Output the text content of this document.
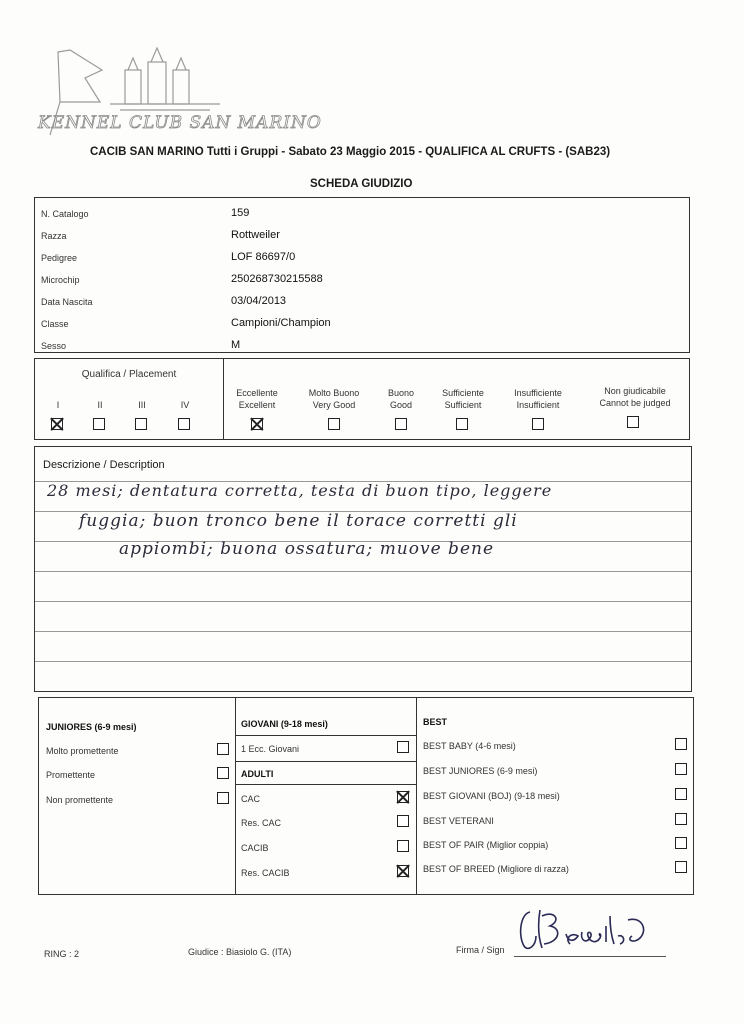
KENNEL CLUB SAN MARINO
CACIB SAN MARINO Tutti i Gruppi - Sabato 23 Maggio 2015 - QUALIFICA AL CRUFTS - (SAB23)
SCHEDA GIUDIZIO
N. Catalogo	159
Razza	Rottweiler
Pedigree	LOF 86697/0
Microchip	250268730215588
Data Nascita	03/04/2013
Classe	Campioni/Champion
Sesso	M
Qualifica / Placement
I	II	III	IV
Eccellente
Excellent
Molto Buono
Very Good
Buono
Good
Sufficiente
Sufficient
Insufficiente
Insufficient
Non giudicabile
Cannot be judged
Descrizione / Description
28 mesi; dentatura corretta, testa di buon tipo, leggere
fuggia; buon tronco bene il torace corretti gli
appiombi; buona ossatura; muove bene
JUNIORES (6-9 mesi)
Molto promettente
Promettente
Non promettente
GIOVANI (9-18 mesi)
1 Ecc. Giovani
ADULTI
CAC
Res. CAC
CACIB
Res. CACIB
BEST
BEST BABY (4-6 mesi)
BEST JUNIORES (6-9 mesi)
BEST GIOVANI (BOJ) (9-18 mesi)
BEST VETERANI
BEST OF PAIR (Miglior coppia)
BEST OF BREED (Migliore di razza)
RING : 2	Giudice : Biasiolo G. (ITA)	Firma / Sign
